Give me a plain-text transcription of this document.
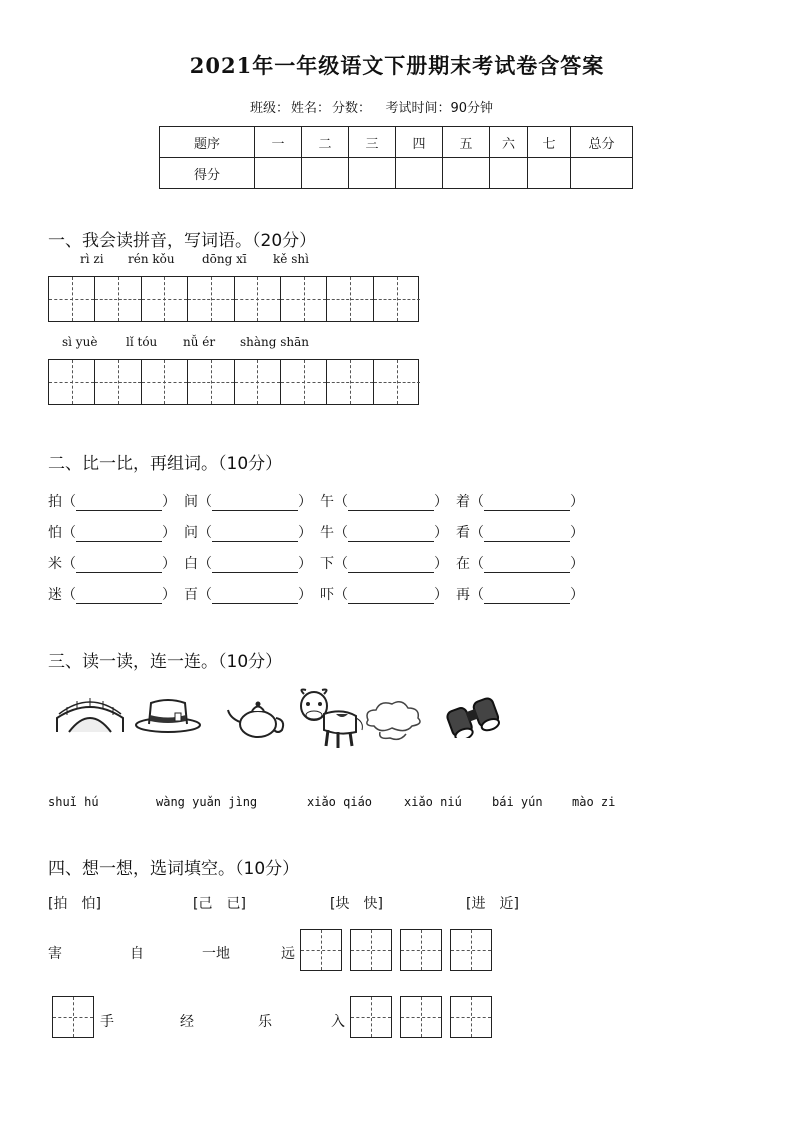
2021年一年级语文下册期末考试卷含答案
班级： 姓名： 分数： 考试时间：90分钟
题序	一	二	三	四	五	六	七	总分
得分								
一、我会读拼音，写词语。（20分）
rì zi rén kǒu dōng xī kě shì
sì yuè lǐ tóu nǚ ér shàng shān
二、比一比，再组词。（10分）
拍（	） 间（	） 午（	） 着（	）
怕（	） 问（	） 牛（	） 看（	）
米（	） 白（	） 下（	） 在（	）
迷（	） 百（	） 吓（	） 再（	）
三、读一读，连一连。（10分）
shuǐ hú	wàng yuǎn jìng	xiǎo qiáo	xiǎo niú	bái yún mào zi
四、想一想，选词填空。（10分）
[拍　怕]	[己　已]	[块　快]	[进　近]
害	自	一地	远
手	经	乐	入
